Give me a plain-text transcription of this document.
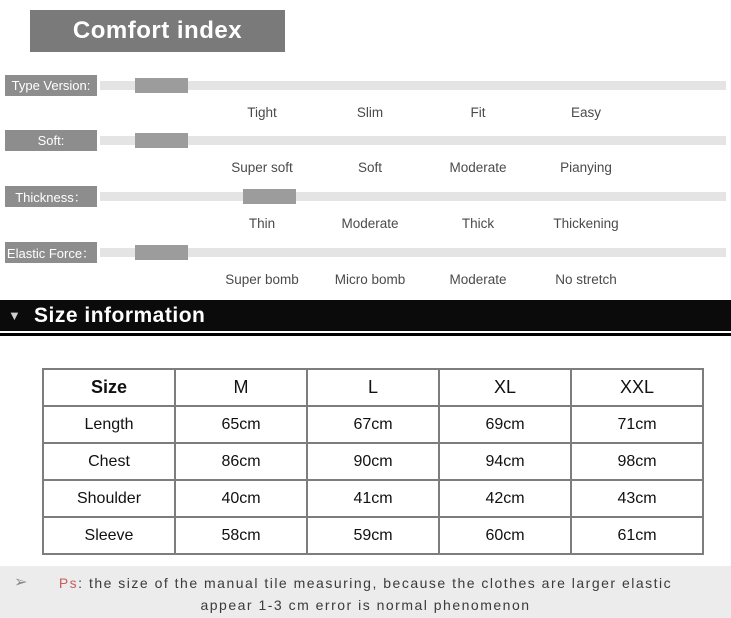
Comfort index
Type Version:
Tight	Slim	Fit	Easy
Soft:
Super soft	Soft	Moderate	Pianying
Thickness：
Thin	Moderate	Thick	Thickening
Elastic Force：
Super bomb	Micro bomb	Moderate	No stretch
▼ Size information
Size	M	L	XL	XXL
Length	65cm	67cm	69cm	71cm
Chest	86cm	90cm	94cm	98cm
Shoulder	40cm	41cm	42cm	43cm
Sleeve	58cm	59cm	60cm	61cm
➢	Ps: the size of the manual tile measuring, because the clothes are larger elastic
appear 1-3 cm error is normal phenomenon
